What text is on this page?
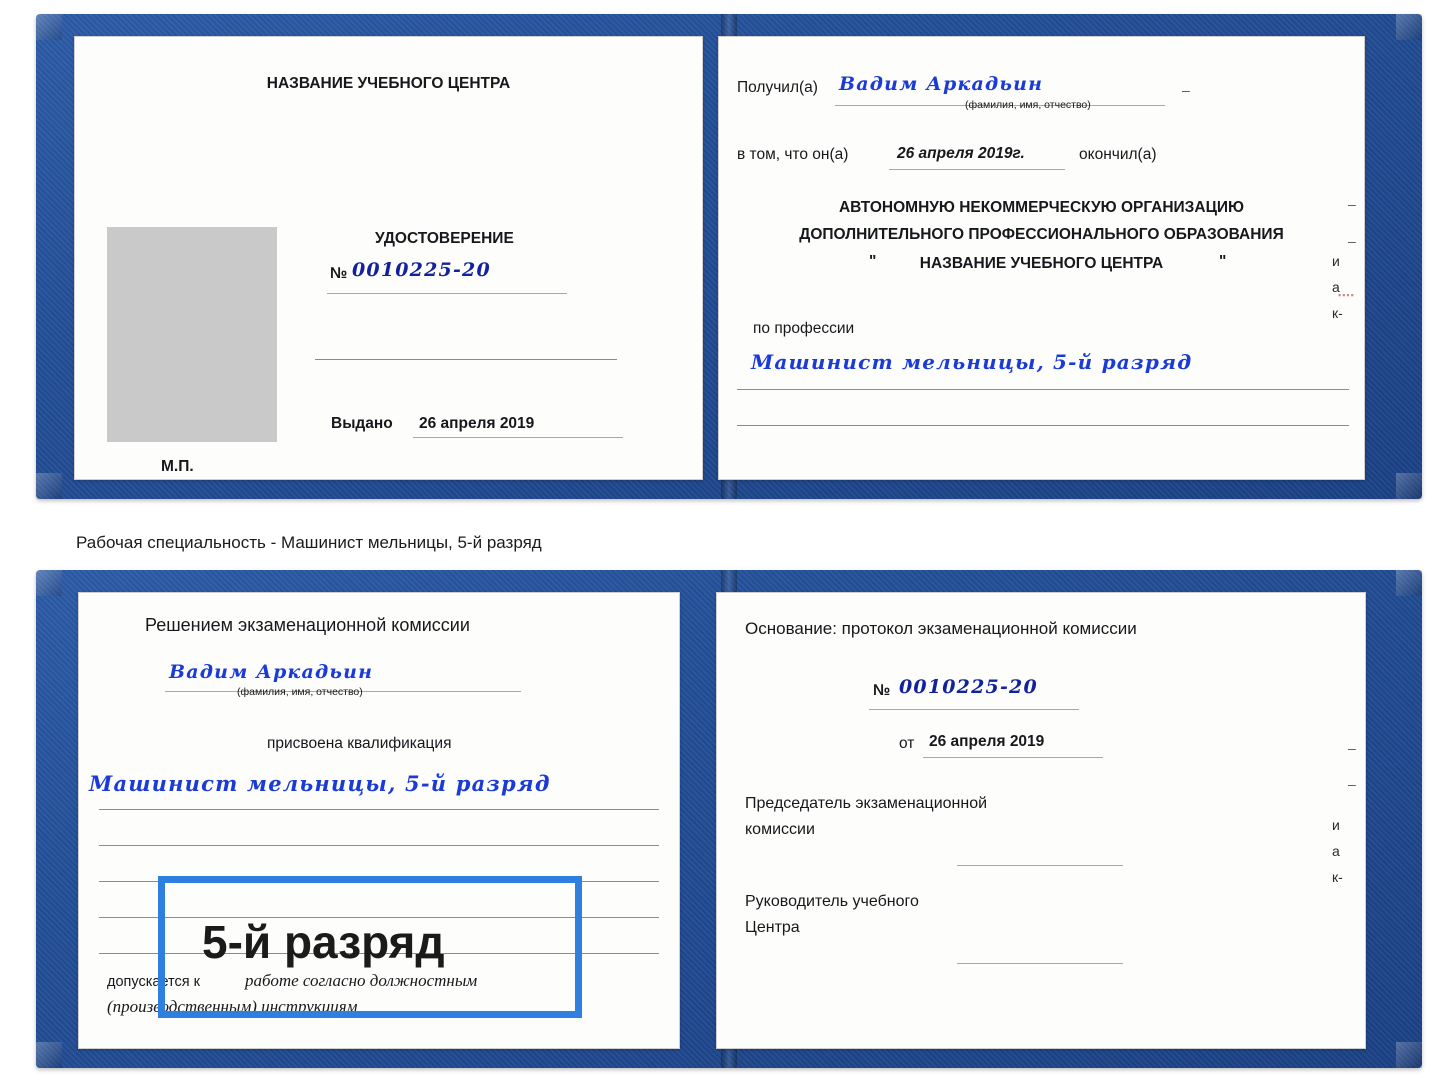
НАЗВАНИЕ УЧЕБНОГО ЦЕНТРА
УДОСТОВЕРЕНИЕ
№ 0010225-20
Выдано 26 апреля 2019
М.П.
Получил(а) Вадим Аркадьин
(фамилия, имя, отчество)
в том, что он(а)	26 апреля 2019г.	окончил(а)
АВТОНОМНУЮ НЕКОММЕРЧЕСКУЮ ОРГАНИЗАЦИЮ
ДОПОЛНИТЕЛЬНОГО ПРОФЕССИОНАЛЬНОГО ОБРАЗОВАНИЯ
"	НАЗВАНИЕ УЧЕБНОГО ЦЕНТРА	"
по профессии
Машинист мельницы, 5-й разряд
и
а
к-
–
–
–
▪▪▪▪
Рабочая специальность - Машинист мельницы, 5-й разряд
Решением экзаменационной комиссии
Вадим Аркадьин
(фамилия, имя, отчество)
присвоена квалификация
Машинист мельницы, 5-й разряд
допускается к	работе согласно должностным
(производственным) инструкциям
5-й разряд
Основание: протокол экзаменационной комиссии
№ 0010225-20
от 26 апреля 2019
Председатель экзаменационной
комиссии
Руководитель учебного
Центра
и
а
к-
–
–
